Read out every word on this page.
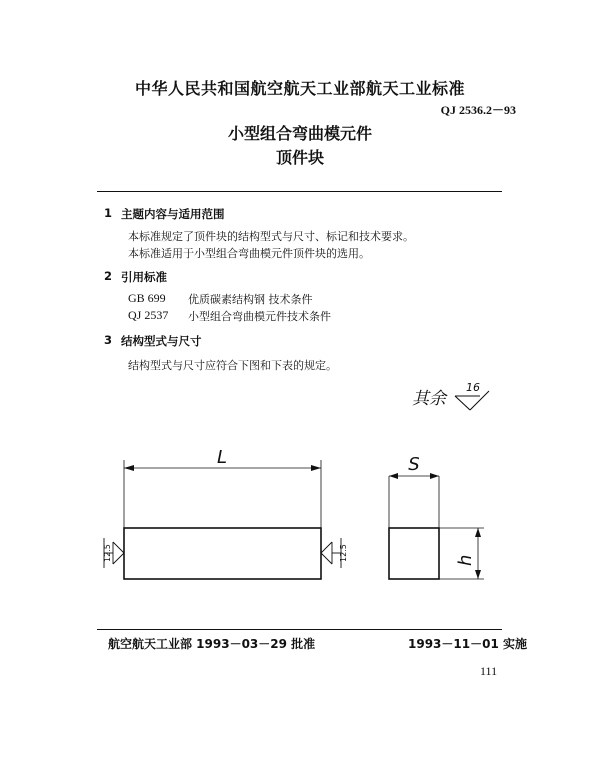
中华人民共和国航空航天工业部航天工业标准
QJ 2536.2－93
小型组合弯曲模元件
顶件块
1 主题内容与适用范围
本标准规定了顶件块的结构型式与尺寸、标记和技术要求。
本标准适用于小型组合弯曲模元件顶件块的选用。
2 引用标准
GB 699 优质碳素结构钢 技术条件
QJ 2537 小型组合弯曲模元件技术条件
3 结构型式与尺寸
结构型式与尺寸应符合下图和下表的规定。
其余
16
L
12.5	12.5
S
h
航空航天工业部 1993－03－29 批准	1993－11－01 实施
111
